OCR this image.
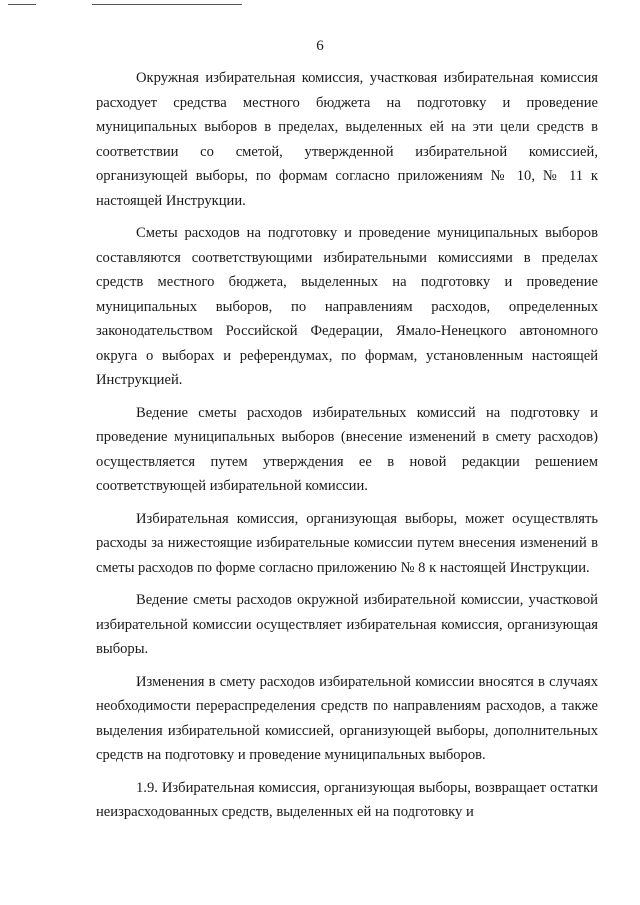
6

Окружная избирательная комиссия, участковая избирательная комиссия расходует средства местного бюджета на подготовку и проведение муниципальных выборов в пределах, выделенных ей на эти цели средств в соответствии со сметой, утвержденной избирательной комиссией, организующей выборы, по формам согласно приложениям № 10, № 11 к настоящей Инструкции.

Сметы расходов на подготовку и проведение муниципальных выборов составляются соответствующими избирательными комиссиями в пределах средств местного бюджета, выделенных на подготовку и проведение муниципальных выборов, по направлениям расходов, определенных законодательством Российской Федерации, Ямало-Ненецкого автономного округа о выборах и референдумах, по формам, установленным настоящей Инструкцией.

Ведение сметы расходов избирательных комиссий на подготовку и проведение муниципальных выборов (внесение изменений в смету расходов) осуществляется путем утверждения ее в новой редакции решением соответствующей избирательной комиссии.

Избирательная комиссия, организующая выборы, может осуществлять расходы за нижестоящие избирательные комиссии путем внесения изменений в сметы расходов по форме согласно приложению № 8 к настоящей Инструкции.

Ведение сметы расходов окружной избирательной комиссии, участковой избирательной комиссии осуществляет избирательная комиссия, организующая выборы.

Изменения в смету расходов избирательной комиссии вносятся в случаях необходимости перераспределения средств по направлениям расходов, а также выделения избирательной комиссией, организующей выборы, дополнительных средств на подготовку и проведение муниципальных выборов.

1.9. Избирательная комиссия, организующая выборы, возвращает остатки неизрасходованных средств, выделенных ей на подготовку и
